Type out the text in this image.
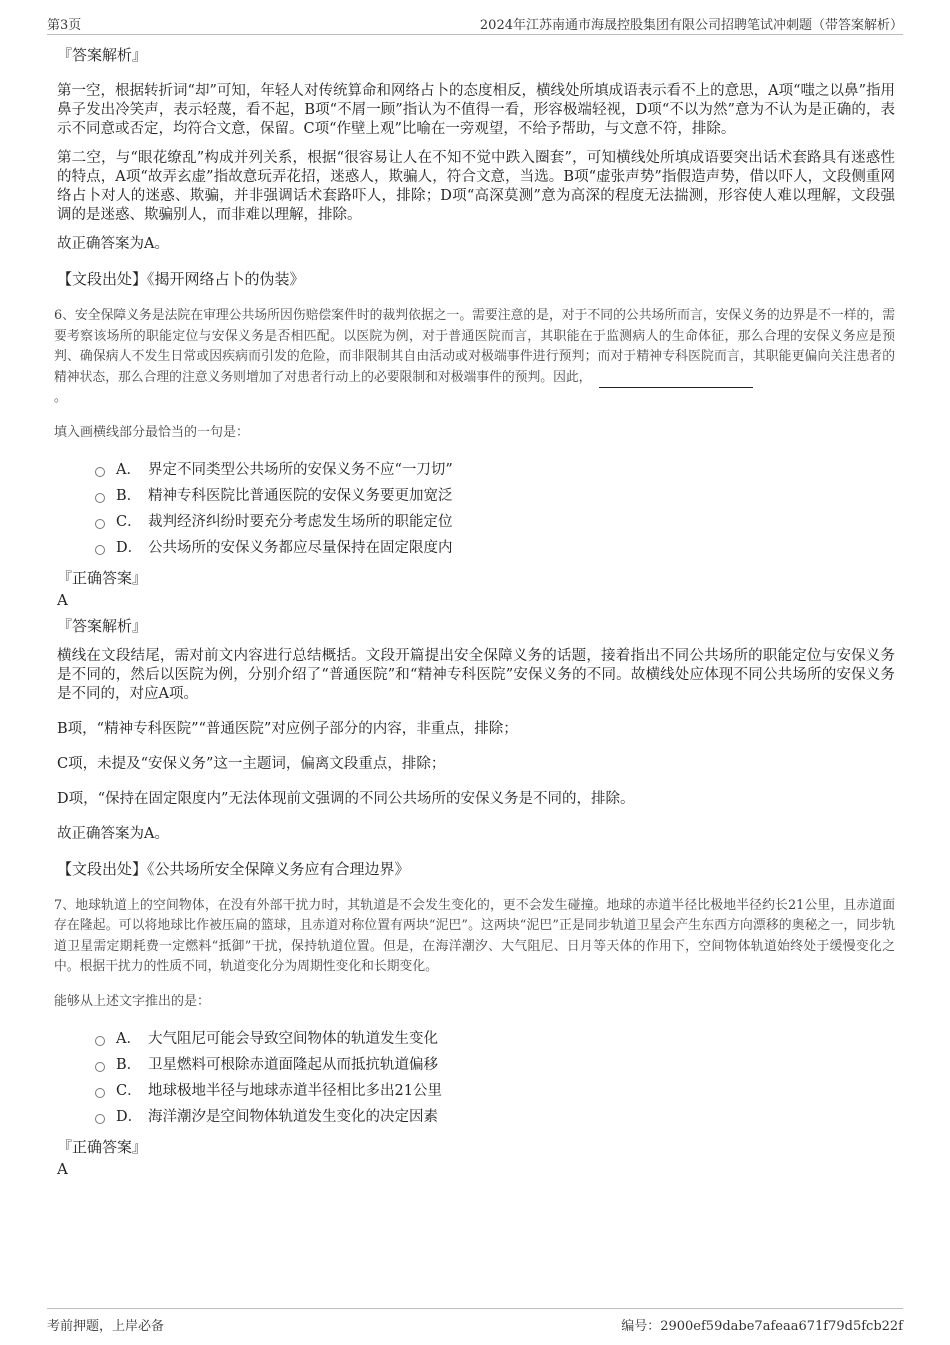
第3页	2024年江苏南通市海晟控股集团有限公司招聘笔试冲刺题（带答案解析）

『答案解析』

第一空，根据转折词“却”可知，年轻人对传统算命和网络占卜的态度相反，横线处所填成语表示看不上的意思，A项“嗤之以鼻”指用鼻子发出冷笑声，表示轻蔑，看不起，B项“不屑一顾”指认为不值得一看，形容极端轻视，D项“不以为然”意为不认为是正确的，表示不同意或否定，均符合文意，保留。C项“作壁上观”比喻在一旁观望，不给予帮助，与文意不符，排除。

第二空，与“眼花缭乱”构成并列关系，根据“很容易让人在不知不觉中跌入圈套”，可知横线处所填成语要突出话术套路具有迷惑性的特点，A项“故弄玄虚”指故意玩弄花招，迷惑人，欺骗人，符合文意，当选。B项“虚张声势”指假造声势，借以吓人，文段侧重网络占卜对人的迷惑、欺骗，并非强调话术套路吓人，排除；D项“高深莫测”意为高深的程度无法揣测，形容使人难以理解，文段强调的是迷惑、欺骗别人，而非难以理解，排除。

故正确答案为A。

【文段出处】《揭开网络占卜的伪装》

6、安全保障义务是法院在审理公共场所因伤赔偿案件时的裁判依据之一。需要注意的是，对于不同的公共场所而言，安保义务的边界是不一样的，需要考察该场所的职能定位与安保义务是否相匹配。以医院为例，对于普通医院而言，其职能在于监测病人的生命体征，那么合理的安保义务应是预判、确保病人不发生日常或因疾病而引发的危险，而非限制其自由活动或对极端事件进行预判；而对于精神专科医院而言，其职能更偏向关注患者的精神状态，那么合理的注意义务则增加了对患者行动上的必要限制和对极端事件的预判。因此，
。

填入画横线部分最恰当的一句是：

A． 界定不同类型公共场所的安保义务不应“一刀切”
B． 精神专科医院比普通医院的安保义务要更加宽泛
C． 裁判经济纠纷时要充分考虑发生场所的职能定位
D． 公共场所的安保义务都应尽量保持在固定限度内

『正确答案』

A

『答案解析』

横线在文段结尾，需对前文内容进行总结概括。文段开篇提出安全保障义务的话题，接着指出不同公共场所的职能定位与安保义务是不同的，然后以医院为例，分别介绍了“普通医院”和“精神专科医院”安保义务的不同。故横线处应体现不同公共场所的安保义务是不同的，对应A项。

B项，“精神专科医院”“普通医院”对应例子部分的内容，非重点，排除；

C项，未提及“安保义务”这一主题词，偏离文段重点，排除；

D项，“保持在固定限度内”无法体现前文强调的不同公共场所的安保义务是不同的，排除。

故正确答案为A。

【文段出处】《公共场所安全保障义务应有合理边界》

7、地球轨道上的空间物体，在没有外部干扰力时，其轨道是不会发生变化的，更不会发生碰撞。地球的赤道半径比极地半径约长21公里，且赤道面存在隆起。可以将地球比作被压扁的篮球，且赤道对称位置有两块“泥巴”。这两块“泥巴”正是同步轨道卫星会产生东西方向漂移的奥秘之一，同步轨道卫星需定期耗费一定燃料“抵御”干扰，保持轨道位置。但是，在海洋潮汐、大气阻尼、日月等天体的作用下，空间物体轨道始终处于缓慢变化之中。根据干扰力的性质不同，轨道变化分为周期性变化和长期变化。

能够从上述文字推出的是：

A． 大气阻尼可能会导致空间物体的轨道发生变化
B． 卫星燃料可根除赤道面隆起从而抵抗轨道偏移
C． 地球极地半径与地球赤道半径相比多出21公里
D． 海洋潮汐是空间物体轨道发生变化的决定因素

『正确答案』

A

考前押题，上岸必备	编号：2900ef59dabe7afeaa671f79d5fcb22f
